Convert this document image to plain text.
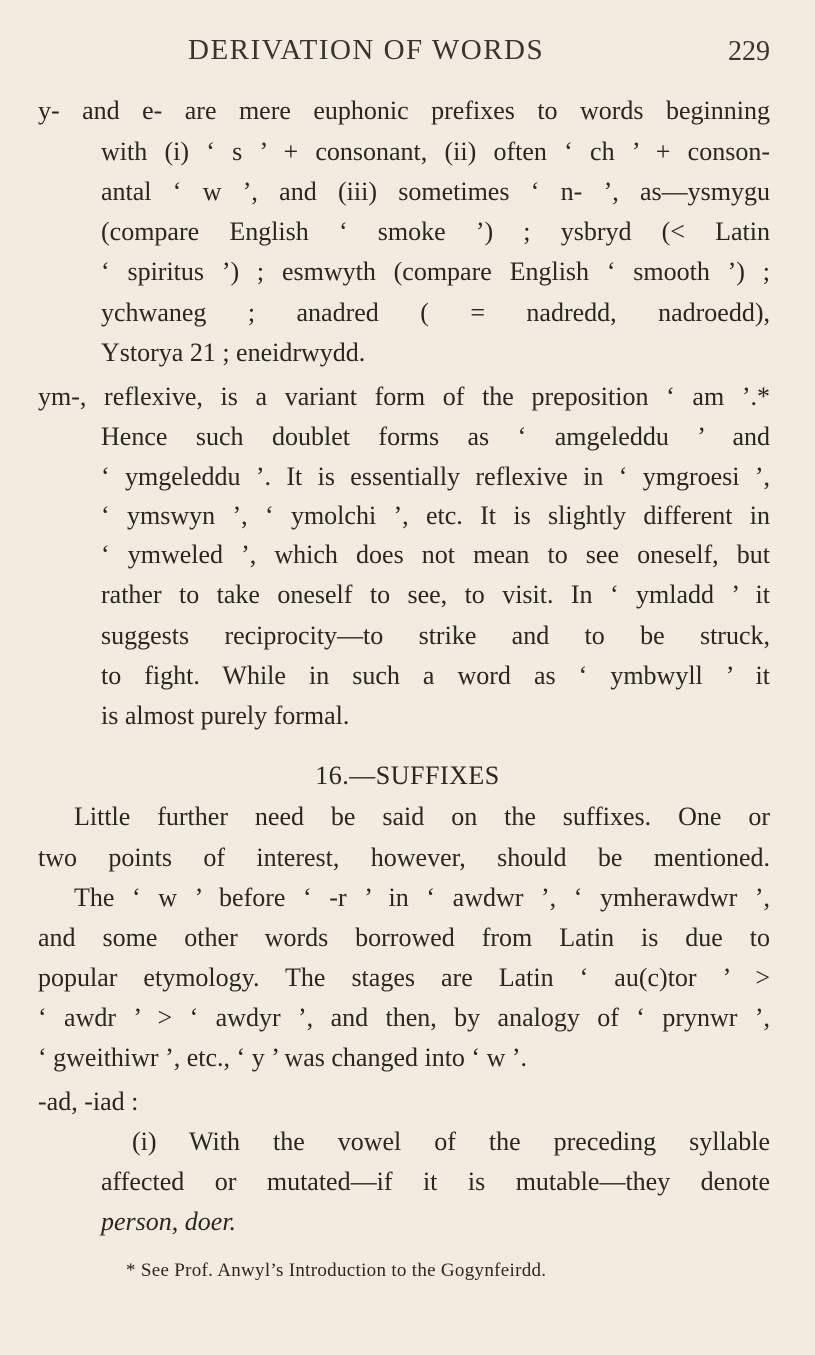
DERIVATION OF WORDS	229
y- and e- are mere euphonic prefixes to words beginning
with (i) ‘ s ’ + consonant, (ii) often ‘ ch ’ + conson-
antal ‘ w ’, and (iii) sometimes ‘ n- ’, as—ysmygu
(compare English ‘ smoke ’) ; ysbryd (< Latin
‘ spiritus ’) ; esmwyth (compare English ‘ smooth ’) ;
ychwaneg ; anadred ( = nadredd, nadroedd),
Ystorya 21 ; eneidrwydd.
ym-, reflexive, is a variant form of the preposition ‘ am ’.*
Hence such doublet forms as ‘ amgeleddu ’ and
‘ ymgeleddu ’. It is essentially reflexive in ‘ ymgroesi ’,
‘ ymswyn ’, ‘ ymolchi ’, etc. It is slightly different in
‘ ymweled ’, which does not mean to see oneself, but
rather to take oneself to see, to visit. In ‘ ymladd ’ it
suggests reciprocity—to strike and to be struck,
to fight. While in such a word as ‘ ymbwyll ’ it
is almost purely formal.
16.—SUFFIXES
Little further need be said on the suffixes. One or
two points of interest, however, should be mentioned.
The ‘ w ’ before ‘ -r ’ in ‘ awdwr ’, ‘ ymherawdwr ’,
and some other words borrowed from Latin is due to
popular etymology. The stages are Latin ‘ au(c)tor ’ >
‘ awdr ’ > ‘ awdyr ’, and then, by analogy of ‘ prynwr ’,
‘ gweithiwr ’, etc., ‘ y ’ was changed into ‘ w ’.
-ad, -iad :
(i) With the vowel of the preceding syllable
affected or mutated—if it is mutable—they denote
person, doer.
* See Prof. Anwyl’s Introduction to the Gogynfeirdd.
